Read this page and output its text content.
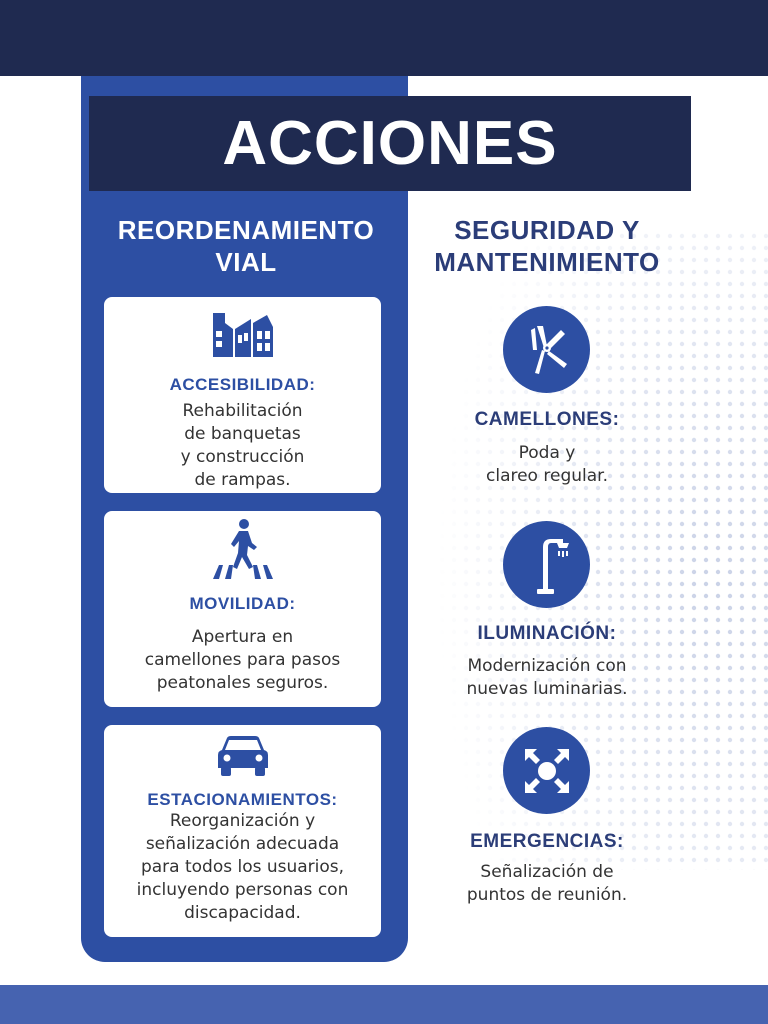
ACCIONES
REORDENAMIENTO
VIAL
SEGURIDAD Y
MANTENIMIENTO
ACCESIBILIDAD:
Rehabilitación
de banquetas
y construcción
de rampas.
MOVILIDAD:
Apertura en
camellones para pasos
peatonales seguros.
ESTACIONAMIENTOS:
Reorganización y
señalización adecuada
para todos los usuarios,
incluyendo personas con
discapacidad.
CAMELLONES:
Poda y
clareo regular.
ILUMINACIÓN:
Modernización con
nuevas luminarias.
EMERGENCIAS:
Señalización de
puntos de reunión.
